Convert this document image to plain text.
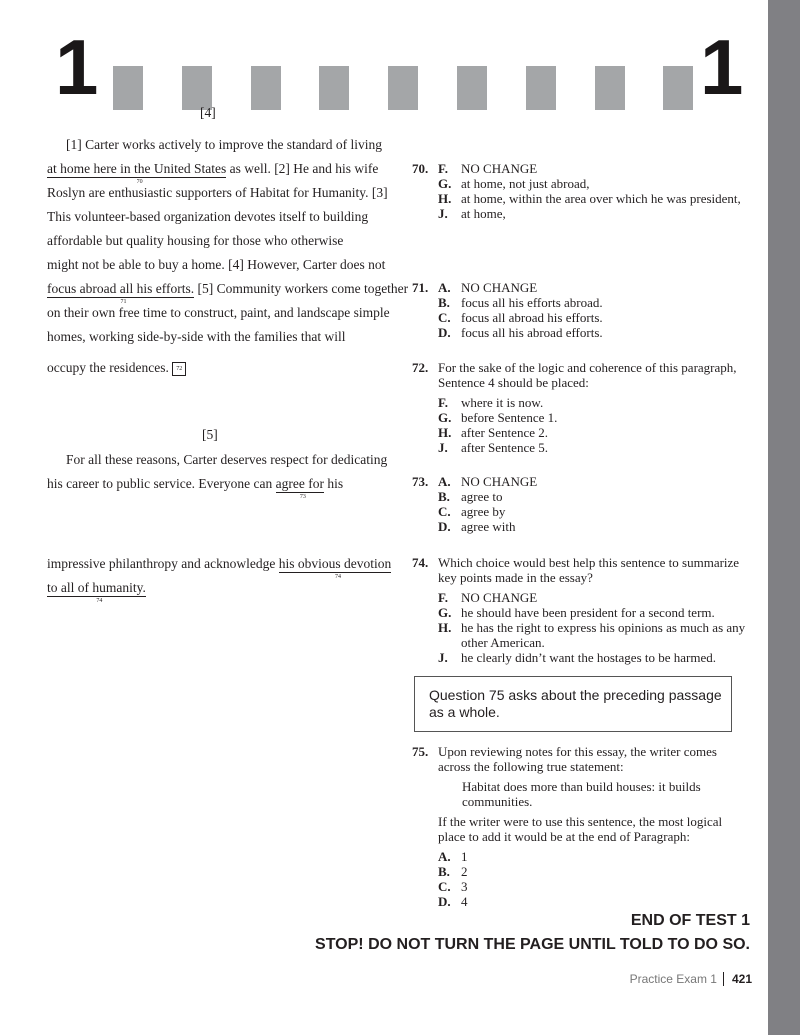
1	1
[4]
[1] Carter works actively to improve the standard of living
at home here in the United States
70
as well. [2] He and his wife
Roslyn are enthusiastic supporters of Habitat for Humanity. [3]
This volunteer-based organization devotes itself to building
affordable but quality housing for those who otherwise
might not be able to buy a home. [4] However, Carter does not
focus abroad all his efforts.
71
[5] Community workers come together
on their own free time to construct, paint, and landscape simple
homes, working side-by-side with the families that will
occupy the residences. 72
[5]
For all these reasons, Carter deserves respect for dedicating
his career to public service. Everyone can agree for
73
his
impressive philanthropy and acknowledge his obvious devotion
74
to all of humanity.
74
70. F. NO CHANGE
G. at home, not just abroad,
H. at home, within the area over which he was president,
J. at home,
71. A. NO CHANGE
B. focus all his efforts abroad.
C. focus all abroad his efforts.
D. focus all his abroad efforts.
72. For the sake of the logic and coherence of this paragraph, Sentence 4 should be placed:
F. where it is now.
G. before Sentence 1.
H. after Sentence 2.
J. after Sentence 5.
73. A. NO CHANGE
B. agree to
C. agree by
D. agree with
74. Which choice would best help this sentence to summarize key points made in the essay?
F. NO CHANGE
G. he should have been president for a second term.
H. he has the right to express his opinions as much as any other American.
J. he clearly didn’t want the hostages to be harmed.
75. Upon reviewing notes for this essay, the writer comes across the following true statement:
Habitat does more than build houses: it builds communities.
If the writer were to use this sentence, the most logical place to add it would be at the end of Paragraph:
A. 1
B. 2
C. 3
D. 4
Question 75 asks about the preceding passage as a whole.
END OF TEST 1
STOP! DO NOT TURN THE PAGE UNTIL TOLD TO DO SO.
Practice Exam 1 421
